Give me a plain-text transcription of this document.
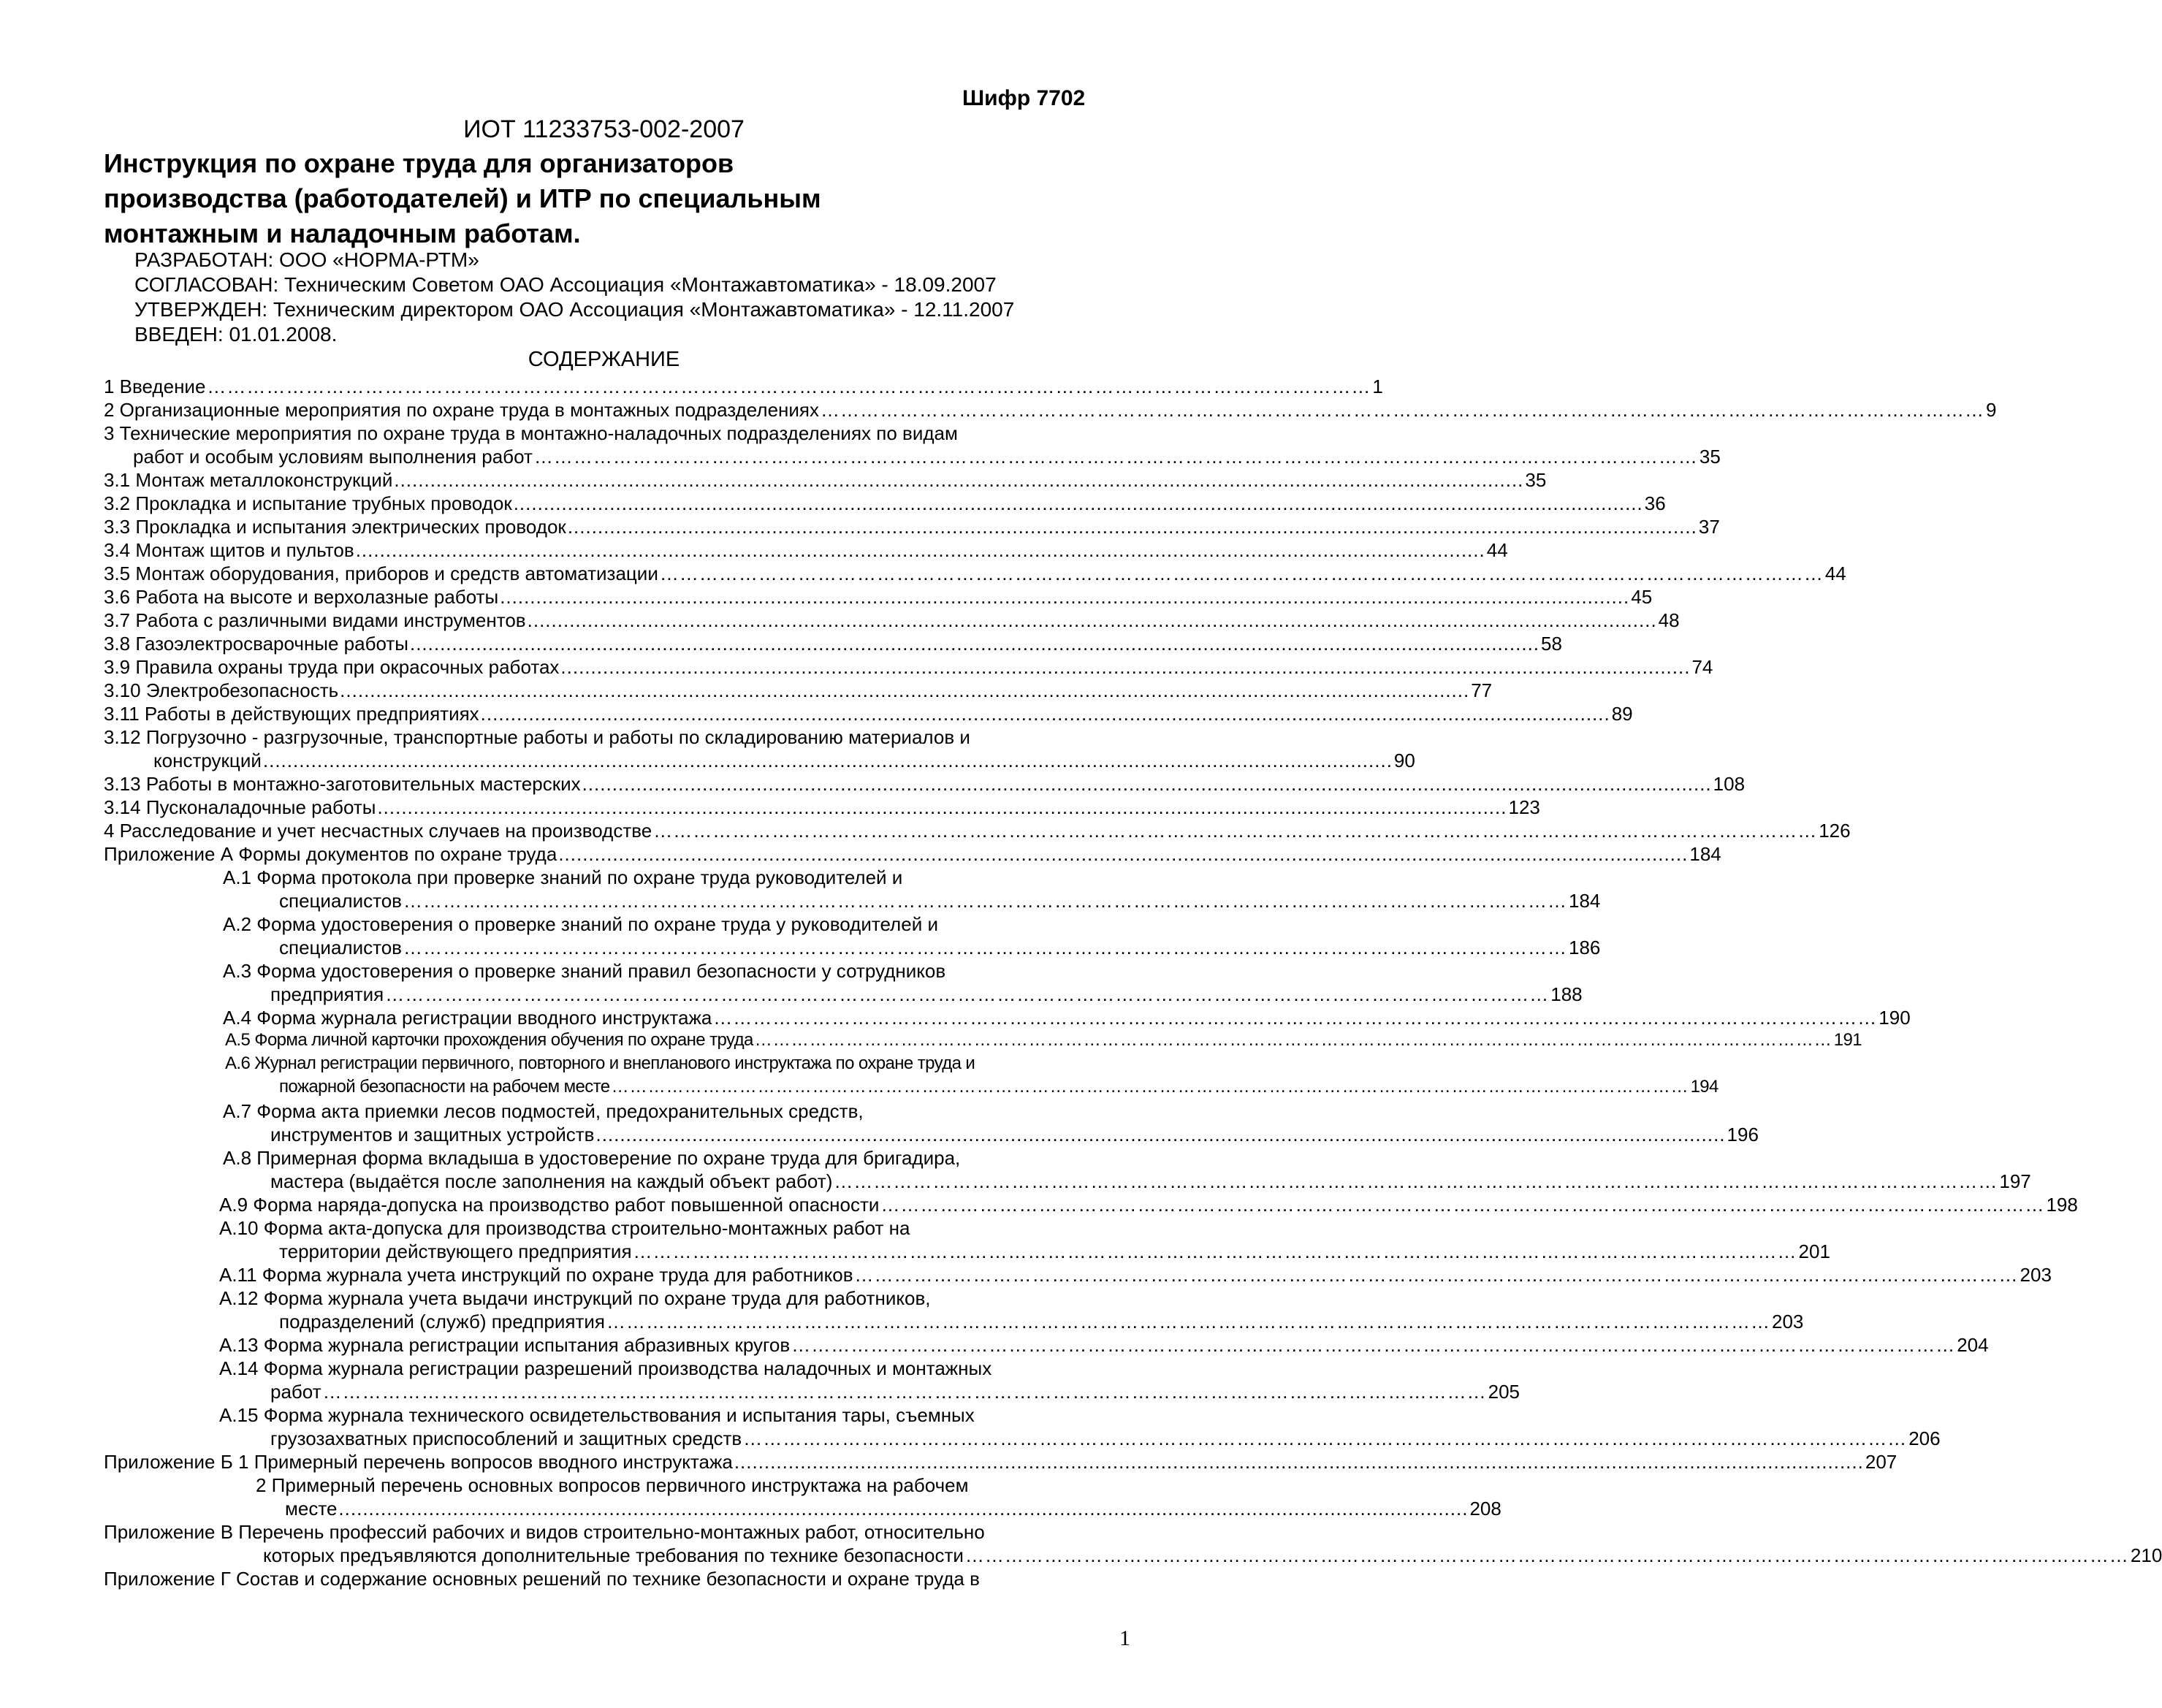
Шифр 7702
ИОТ 11233753-002-2007
Инструкция по охране труда для организаторов
производства (работодателей) и ИТР по специальным
монтажным и наладочным работам.
РАЗРАБОТАН: ООО «НОРМА-РТМ»
СОГЛАСОВАН: Техническим Советом ОАО Ассоциация «Монтажавтоматика» - 18.09.2007
УТВЕРЖДЕН: Техническим директором ОАО Ассоциация «Монтажавтоматика» - 12.11.2007
ВВЕДЕН: 01.01.2008.
СОДЕРЖАНИЕ
1 Введение …………………………………………………………………………………………………………………………………………………………… 1
2 Организационные мероприятия по охране труда в монтажных подразделениях …………………………………………………………………………………………………………………………………………………………… 9
3 Технические мероприятия по охране труда в монтажно-наладочных подразделениях по видам
работ и особым условиям выполнения работ …………………………………………………………………………………………………………………………………………………………… 35
3.1 Монтаж металлоконструкций ............................................................................................................................................................................................ 35
3.2 Прокладка и испытание трубных проводок ............................................................................................................................................................................................ 36
3.3 Прокладка и испытания электрических проводок ............................................................................................................................................................................................ 37
3.4 Монтаж щитов и пультов ............................................................................................................................................................................................ 44
3.5 Монтаж оборудования, приборов и средств автоматизации …………………………………………………………………………………………………………………………………………………………… 44
3.6 Работа на высоте и верхолазные работы ............................................................................................................................................................................................ 45
3.7 Работа с различными видами инструментов ............................................................................................................................................................................................ 48
3.8 Газоэлектросварочные работы ............................................................................................................................................................................................ 58
3.9 Правила охраны труда при окрасочных работах ............................................................................................................................................................................................ 74
3.10 Электробезопасность ............................................................................................................................................................................................ 77
3.11 Работы в действующих предприятиях ............................................................................................................................................................................................ 89
3.12 Погрузочно - разгрузочные, транспортные работы и работы по складированию материалов и
конструкций ............................................................................................................................................................................................ 90
3.13 Работы в монтажно-заготовительных мастерских ............................................................................................................................................................................................ 108
3.14 Пусконаладочные работы ............................................................................................................................................................................................ 123
4 Расследование и учет несчастных случаев на производстве …………………………………………………………………………………………………………………………………………………………… 126
Приложение А Формы документов по охране труда ............................................................................................................................................................................................ 184
А.1 Форма протокола при проверке знаний по охране труда руководителей и
специалистов …………………………………………………………………………………………………………………………………………………………… 184
А.2 Форма удостоверения о проверке знаний по охране труда у руководителей и
специалистов …………………………………………………………………………………………………………………………………………………………… 186
А.3 Форма удостоверения о проверке знаний правил безопасности у сотрудников
предприятия …………………………………………………………………………………………………………………………………………………………… 188
А.4 Форма журнала регистрации вводного инструктажа …………………………………………………………………………………………………………………………………………………………… 190
А.5 Форма личной карточки прохождения обучения по охране труда …………………………………………………………………………………………………………………………………………………………… 191
А.6 Журнал регистрации первичного, повторного и внепланового инструктажа по охране труда и
пожарной безопасности на рабочем месте …………………………………………………………………………………………………………………………………………………………… 194
А.7 Форма акта приемки лесов подмостей, предохранительных средств,
инструментов и защитных устройств ............................................................................................................................................................................................ 196
А.8 Примерная форма вкладыша в удостоверение по охране труда для бригадира,
мастера (выдаётся после заполнения на каждый объект работ) …………………………………………………………………………………………………………………………………………………………… 197
А.9 Форма наряда-допуска на производство работ повышенной опасности …………………………………………………………………………………………………………………………………………………………… 198
А.10 Форма акта-допуска для производства строительно-монтажных работ на
территории действующего предприятия …………………………………………………………………………………………………………………………………………………………… 201
А.11 Форма журнала учета инструкций по охране труда для работников …………………………………………………………………………………………………………………………………………………………… 203
А.12 Форма журнала учета выдачи инструкций по охране труда для работников,
подразделений (служб) предприятия …………………………………………………………………………………………………………………………………………………………… 203
А.13 Форма журнала регистрации испытания абразивных кругов …………………………………………………………………………………………………………………………………………………………… 204
А.14 Форма журнала регистрации разрешений производства наладочных и монтажных
работ …………………………………………………………………………………………………………………………………………………………… 205
А.15 Форма журнала технического освидетельствования и испытания тары, съемных
грузозахватных приспособлений и защитных средств …………………………………………………………………………………………………………………………………………………………… 206
Приложение Б 1 Примерный перечень вопросов вводного инструктажа ............................................................................................................................................................................................ 207
2 Примерный перечень основных вопросов первичного инструктажа на рабочем
месте ............................................................................................................................................................................................ 208
Приложение В Перечень профессий рабочих и видов строительно-монтажных работ, относительно
которых предъявляются дополнительные требования по технике безопасности …………………………………………………………………………………………………………………………………………………………… 210
Приложение Г Состав и содержание основных решений по технике безопасности и охране труда в
1
